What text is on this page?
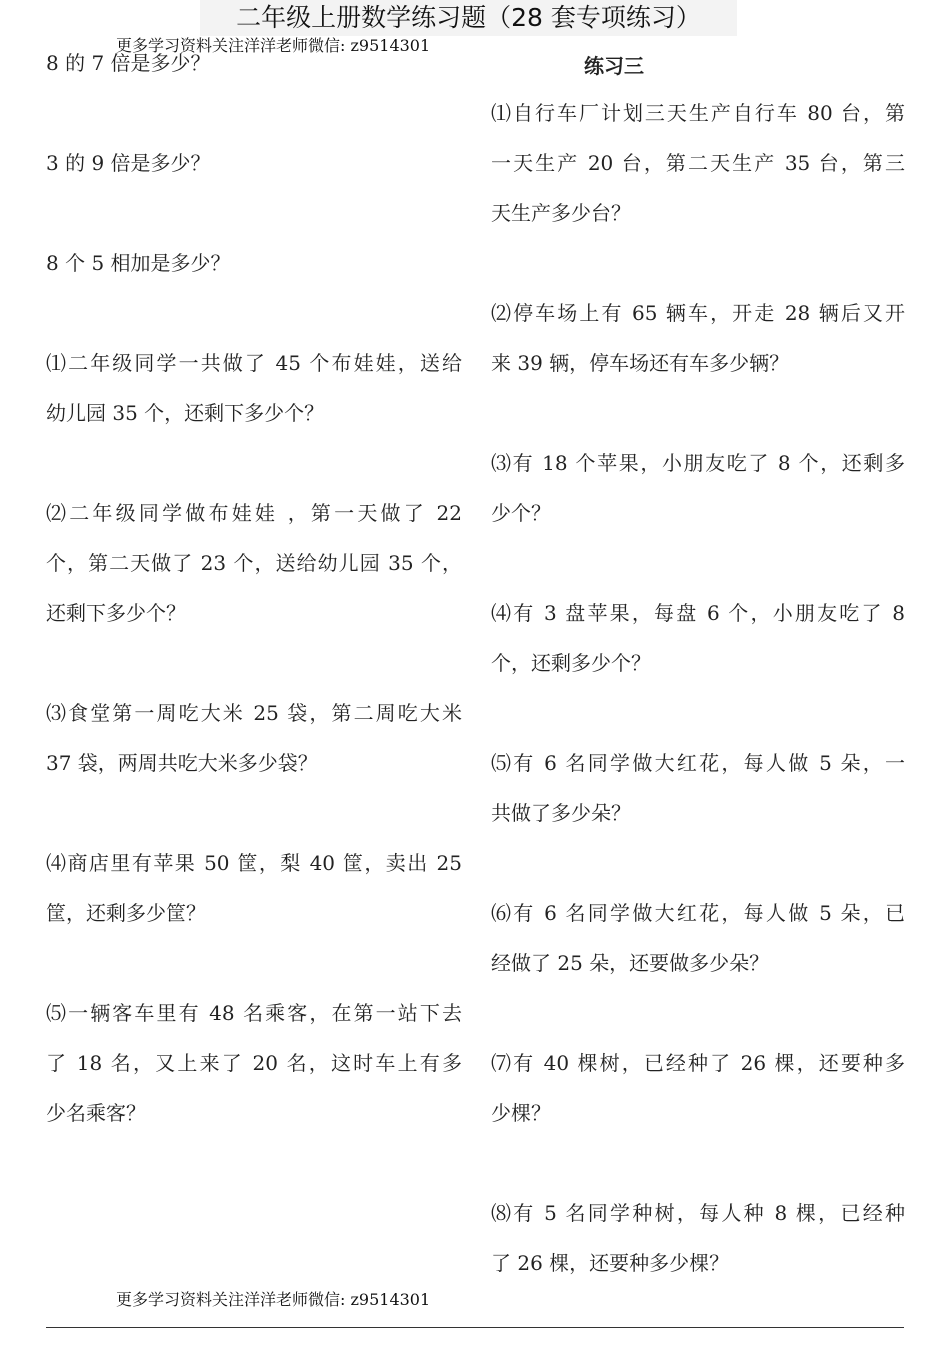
二年级上册数学练习题（28 套专项练习）
更多学习资料关注洋洋老师微信: z9514301
练习三
8 的 7 倍是多少？
3 的 9 倍是多少？
8 个 5 相加是多少？
⑴二年级同学一共做了 45 个布娃娃，送给
幼儿园 35 个，还剩下多少个？
⑵二年级同学做布娃娃 ，第一天做了 22
个，第二天做了 23 个，送给幼儿园 35 个，
还剩下多少个？
⑶食堂第一周吃大米 25 袋，第二周吃大米
37 袋，两周共吃大米多少袋？
⑷商店里有苹果 50 筐，梨 40 筐，卖出 25
筐，还剩多少筐？
⑸一辆客车里有 48 名乘客，在第一站下去
了 18 名，又上来了 20 名，这时车上有多
少名乘客？
⑴自行车厂计划三天生产自行车 80 台，第
一天生产 20 台，第二天生产 35 台，第三
天生产多少台？
⑵停车场上有 65 辆车，开走 28 辆后又开
来 39 辆，停车场还有车多少辆？
⑶有 18 个苹果，小朋友吃了 8 个，还剩多
少个？
⑷有 3 盘苹果，每盘 6 个，小朋友吃了 8
个，还剩多少个？
⑸有 6 名同学做大红花，每人做 5 朵，一
共做了多少朵？
⑹有 6 名同学做大红花，每人做 5 朵，已
经做了 25 朵，还要做多少朵？
⑺有 40 棵树，已经种了 26 棵，还要种多
少棵？
⑻有 5 名同学种树，每人种 8 棵，已经种
了 26 棵，还要种多少棵？
更多学习资料关注洋洋老师微信: z9514301
